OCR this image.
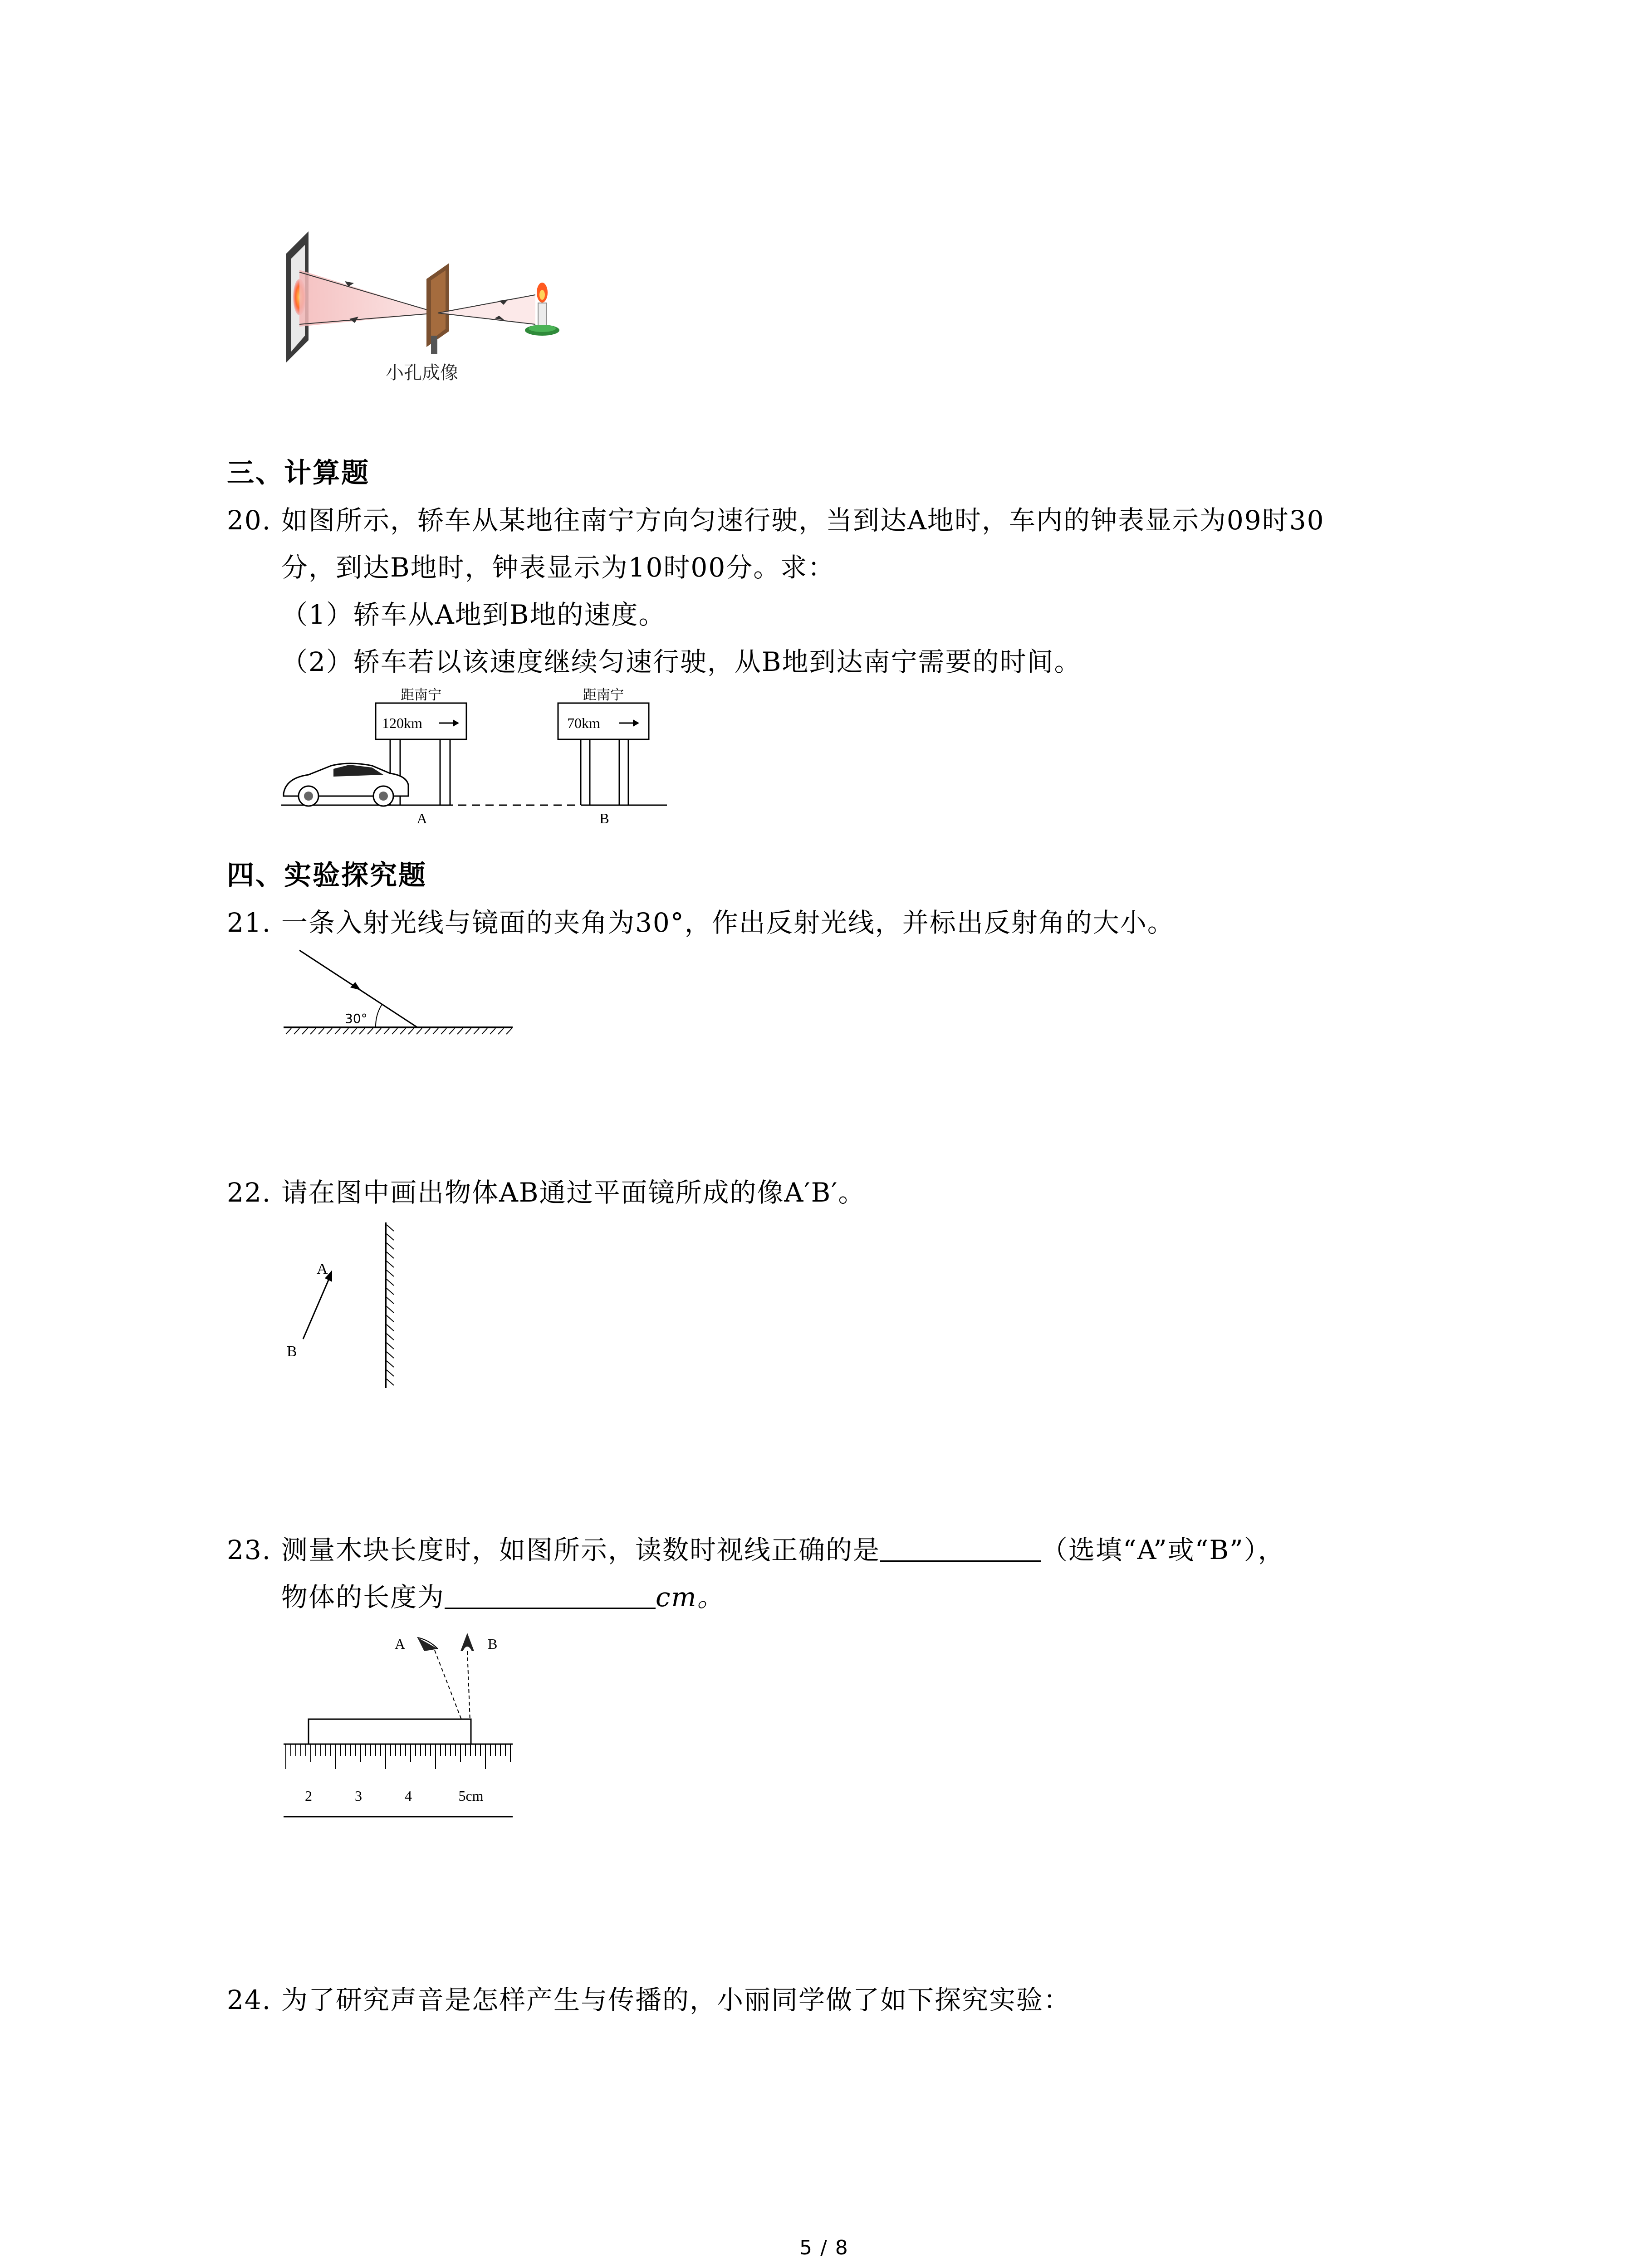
小孔成像
三、计算题
20. 如图所示，轿车从某地往南宁方向匀速行驶，当到达A地时，车内的钟表显示为09时30
分，到达B地时，钟表显示为10时00分。求：
（1）轿车从A地到B地的速度。
（2）轿车若以该速度继续匀速行驶，从B地到达南宁需要的时间。
距南宁
120km
A
距南宁
70km
B
四、实验探究题
21. 一条入射光线与镜面的夹角为30°，作出反射光线，并标出反射角的大小。
30°
22. 请在图中画出物体AB通过平面镜所成的像A′B′。
A
B
23. 测量木块长度时，如图所示，读数时视线正确的是	（选填“A”或“B”），
物体的长度为	cm。
A	B
2	3	4	5cm
24. 为了研究声音是怎样产生与传播的，小丽同学做了如下探究实验：
5 / 8
